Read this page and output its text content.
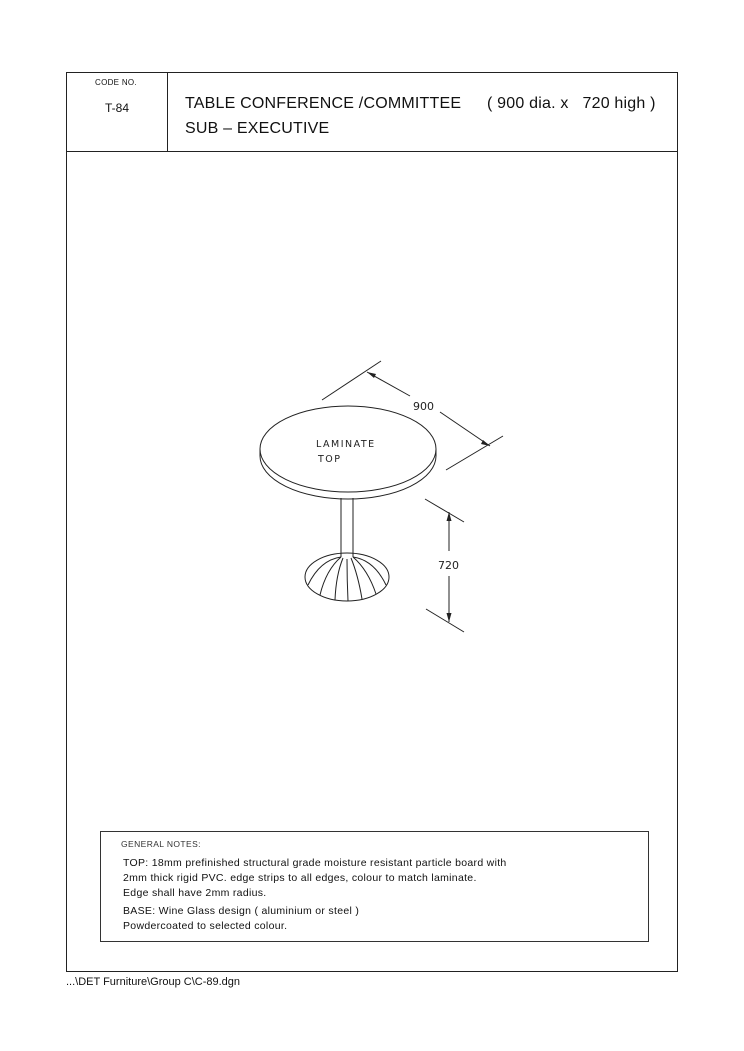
CODE NO.
T-84	TABLE CONFERENCE /COMMITTEE ( 900 dia. x   720 high )
SUB – EXECUTIVE
LAMINATE
TOP
900
720
GENERAL NOTES:
TOP: 18mm prefinished structural grade moisture resistant particle board with
2mm thick rigid PVC. edge strips to all edges, colour to match laminate.
Edge shall have 2mm radius.
BASE: Wine Glass design ( aluminium or steel )
Powdercoated to selected colour.
...\DET Furniture\Group C\C-89.dgn
